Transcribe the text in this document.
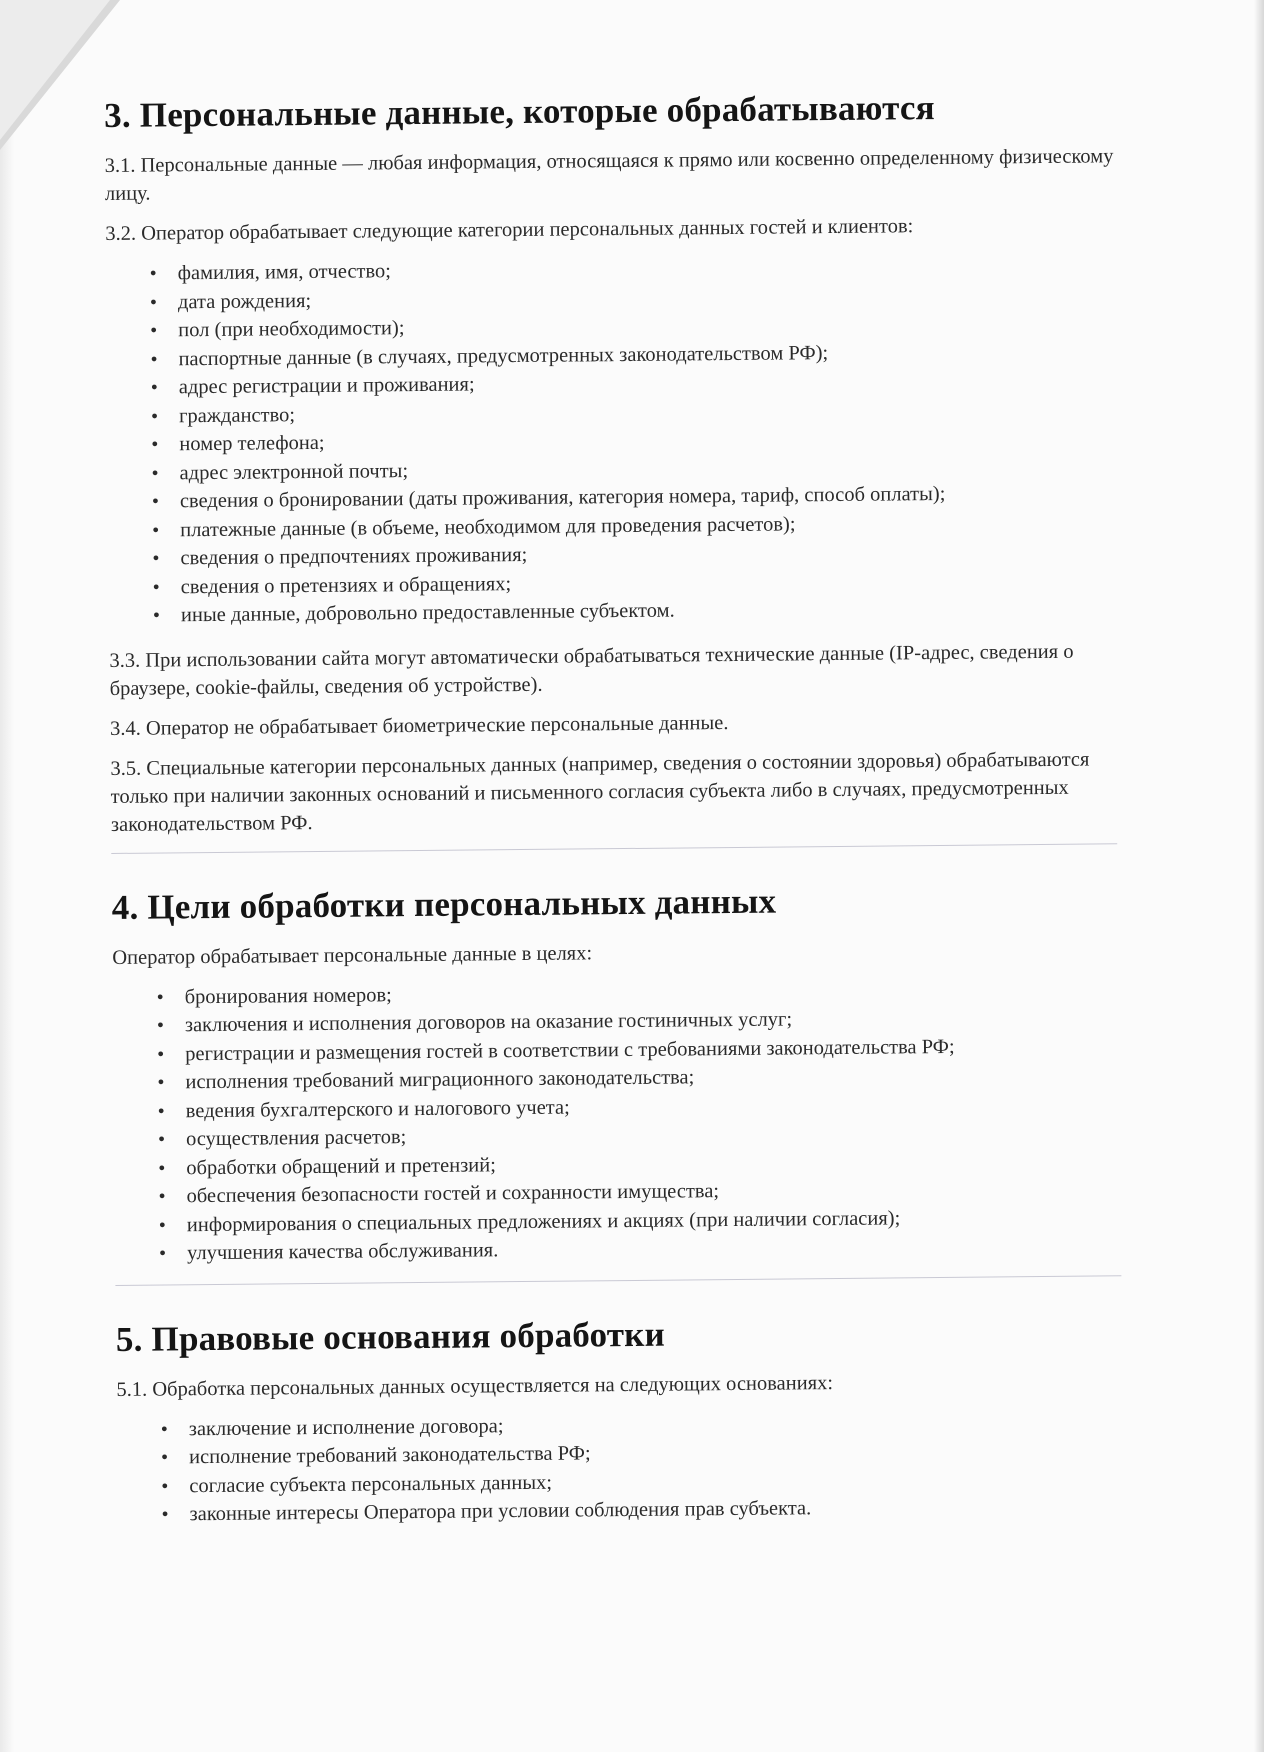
3. Персональные данные, которые обрабатываются

3.1. Персональные данные — любая информация, относящаяся к прямо или косвенно определенному физическому лицу.

3.2. Оператор обрабатывает следующие категории персональных данных гостей и клиентов:

• фамилия, имя, отчество;
• дата рождения;
• пол (при необходимости);
• паспортные данные (в случаях, предусмотренных законодательством РФ);
• адрес регистрации и проживания;
• гражданство;
• номер телефона;
• адрес электронной почты;
• сведения о бронировании (даты проживания, категория номера, тариф, способ оплаты);
• платежные данные (в объеме, необходимом для проведения расчетов);
• сведения о предпочтениях проживания;
• сведения о претензиях и обращениях;
• иные данные, добровольно предоставленные субъектом.

3.3. При использовании сайта могут автоматически обрабатываться технические данные (IP-адрес, сведения о браузере, cookie-файлы, сведения об устройстве).

3.4. Оператор не обрабатывает биометрические персональные данные.

3.5. Специальные категории персональных данных (например, сведения о состоянии здоровья) обрабатываются только при наличии законных оснований и письменного согласия субъекта либо в случаях, предусмотренных законодательством РФ.

4. Цели обработки персональных данных

Оператор обрабатывает персональные данные в целях:

• бронирования номеров;
• заключения и исполнения договоров на оказание гостиничных услуг;
• регистрации и размещения гостей в соответствии с требованиями законодательства РФ;
• исполнения требований миграционного законодательства;
• ведения бухгалтерского и налогового учета;
• осуществления расчетов;
• обработки обращений и претензий;
• обеспечения безопасности гостей и сохранности имущества;
• информирования о специальных предложениях и акциях (при наличии согласия);
• улучшения качества обслуживания.
5. Правовые основания обработки

5.1. Обработка персональных данных осуществляется на следующих основаниях:

• заключение и исполнение договора;
• исполнение требований законодательства РФ;
• согласие субъекта персональных данных;
• законные интересы Оператора при условии соблюдения прав субъекта.
